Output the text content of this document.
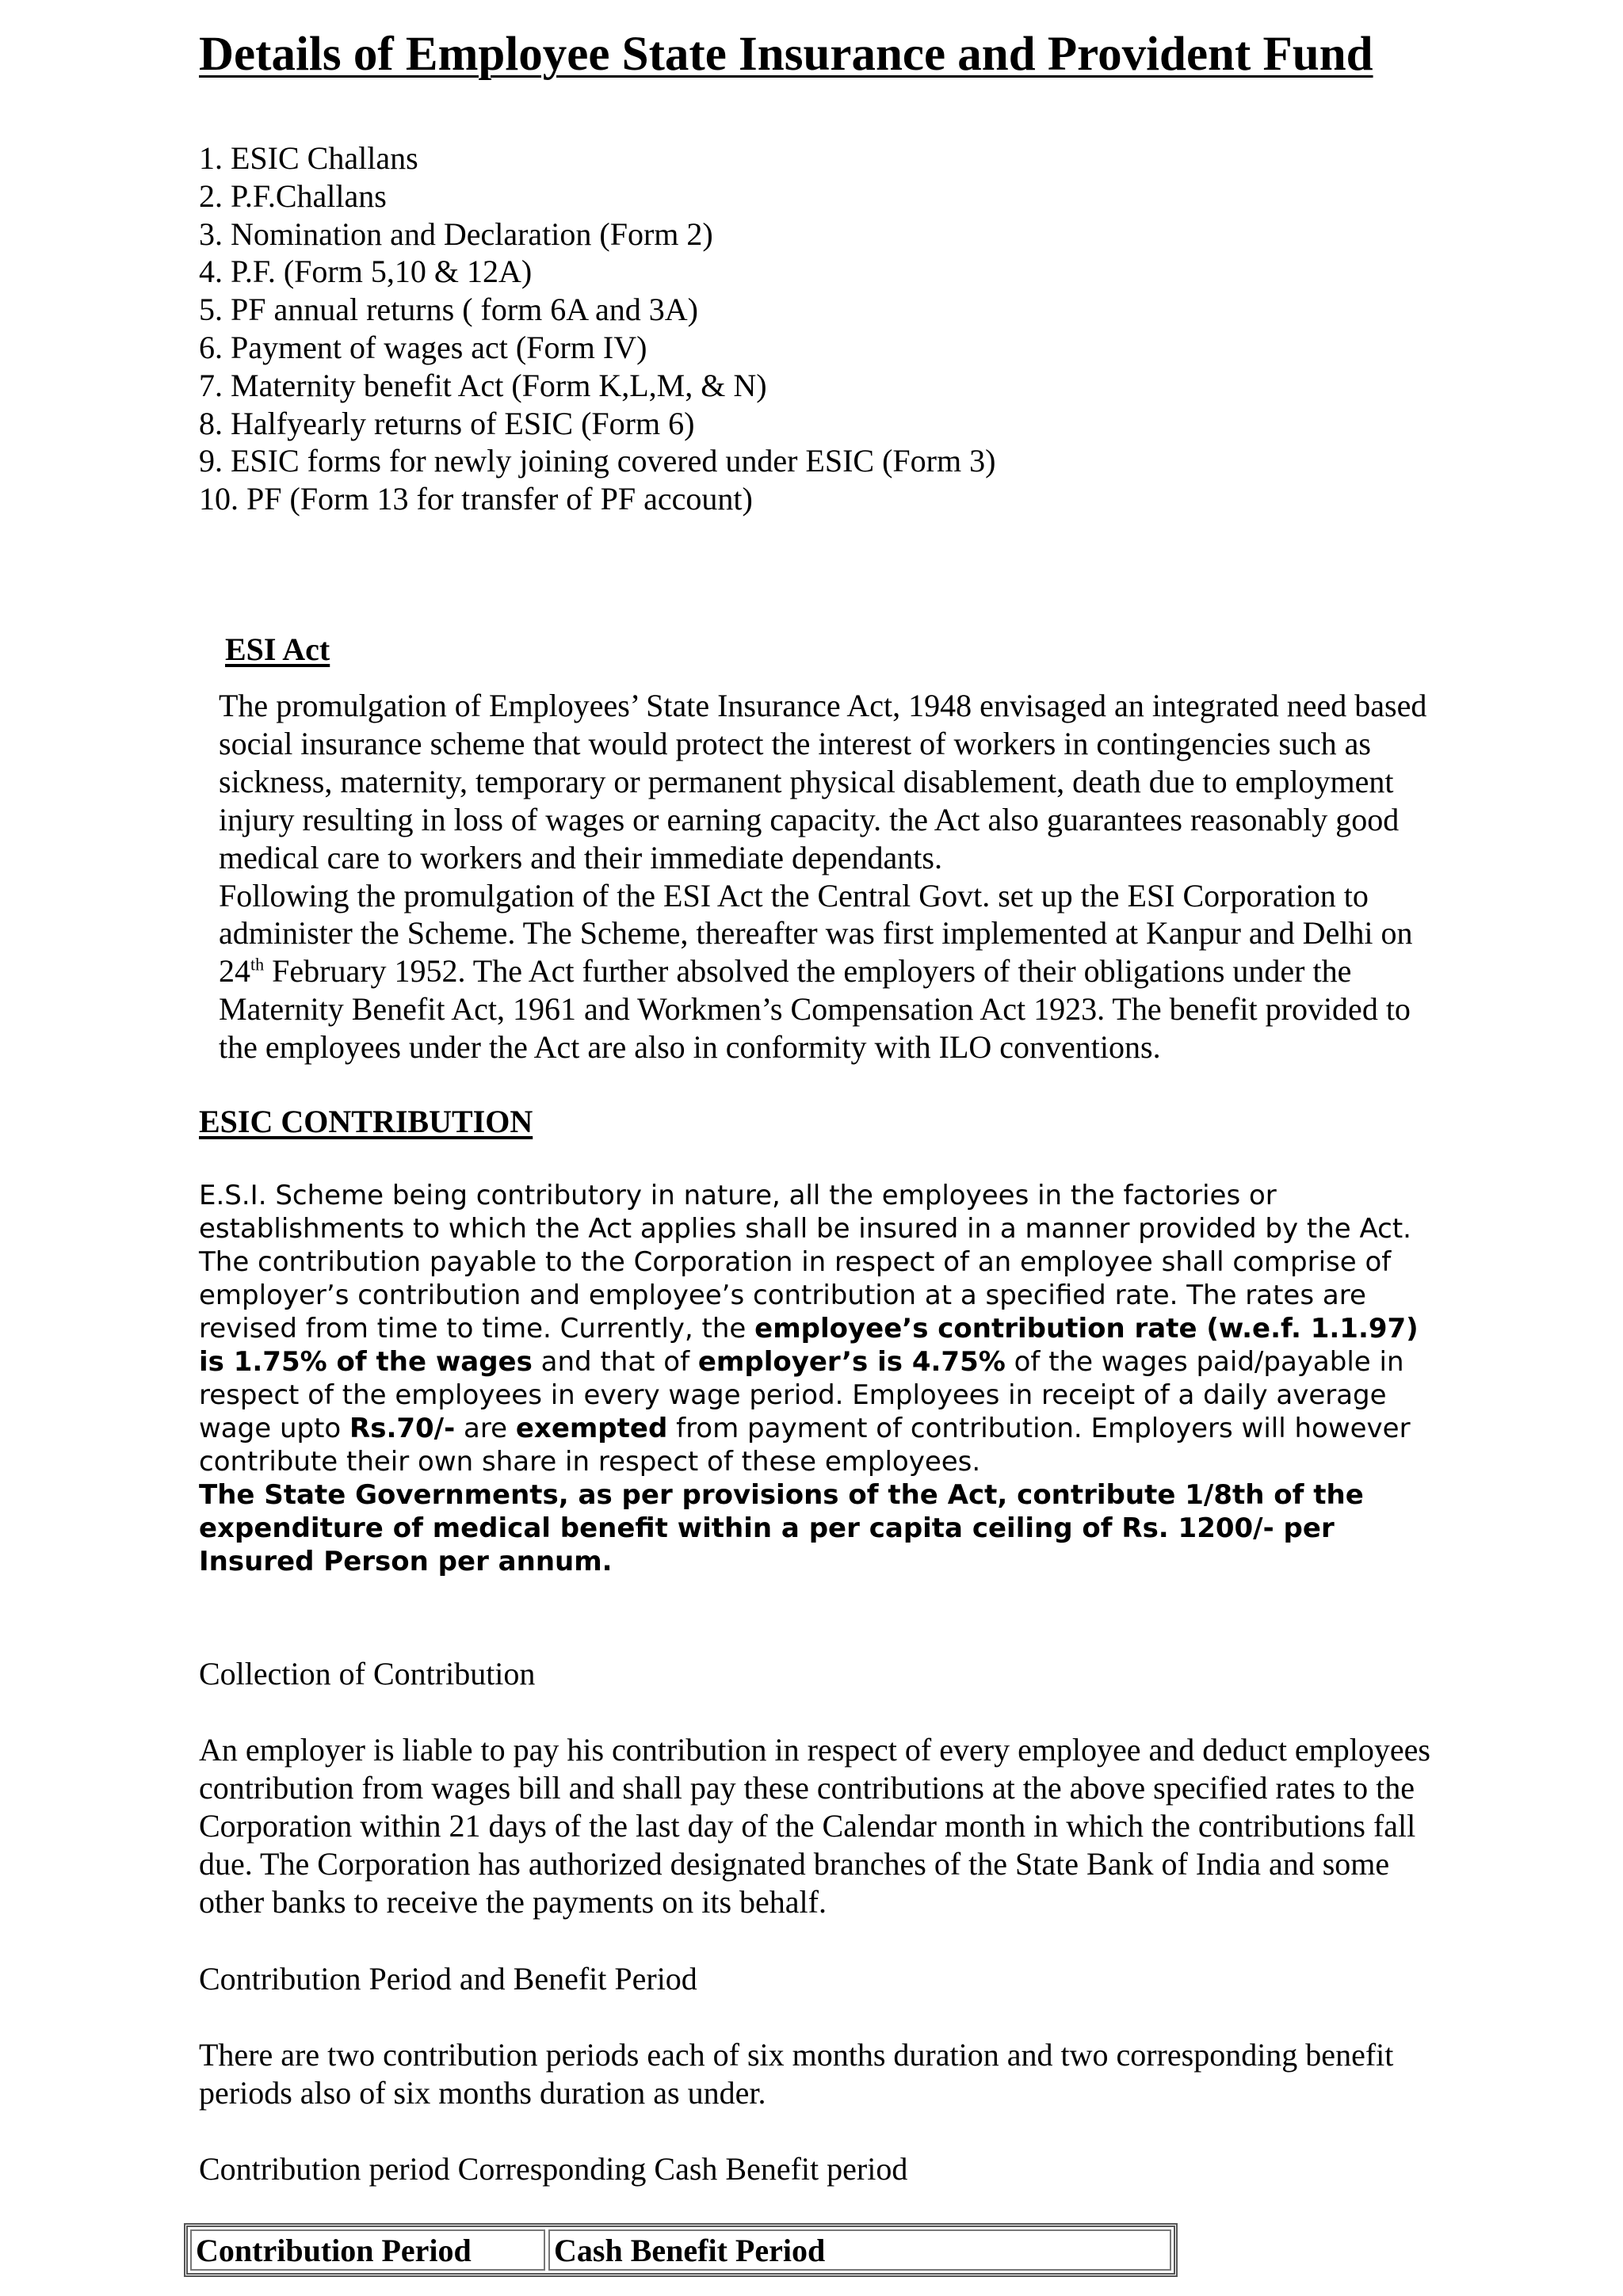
Details of Employee State Insurance and Provident Fund
1. ESIC Challans
2. P.F.Challans
3. Nomination and Declaration (Form 2)
4. P.F. (Form 5,10 & 12A)
5. PF annual returns ( form 6A and 3A)
6. Payment of wages act (Form IV)
7. Maternity benefit Act (Form K,L,M, & N)
8. Halfyearly returns of ESIC (Form 6)
9. ESIC forms for newly joining covered under ESIC (Form 3)
10. PF (Form 13 for transfer of PF account)
ESI Act

The promulgation of Employees’ State Insurance Act, 1948 envisaged an integrated need based social insurance scheme that would protect the interest of workers in contingencies such as sickness, maternity, temporary or permanent physical disablement, death due to employment injury resulting in loss of wages or earning capacity. the Act also guarantees reasonably good medical care to workers and their immediate dependants.

Following the promulgation of the ESI Act the Central Govt. set up the ESI Corporation to administer the Scheme. The Scheme, thereafter was first implemented at Kanpur and Delhi on 24th February 1952. The Act further absolved the employers of their obligations under the Maternity Benefit Act, 1961 and Workmen’s Compensation Act 1923. The benefit provided to the employees under the Act are also in conformity with ILO conventions.

ESIC CONTRIBUTION

E.S.I. Scheme being contributory in nature, all the employees in the factories or establishments to which the Act applies shall be insured in a manner provided by the Act. The contribution payable to the Corporation in respect of an employee shall comprise of employer’s contribution and employee’s contribution at a specified rate. The rates are revised from time to time. Currently, the employee’s contribution rate (w.e.f. 1.1.97) is 1.75% of the wages and that of employer’s is 4.75% of the wages paid/payable in respect of the employees in every wage period. Employees in receipt of a daily average wage upto Rs.70/- are exempted from payment of contribution. Employers will however contribute their own share in respect of these employees.

The State Governments, as per provisions of the Act, contribute 1/8th of the expenditure of medical benefit within a per capita ceiling of Rs. 1200/- per Insured Person per annum.

Collection of Contribution
An employer is liable to pay his contribution in respect of every employee and deduct employees contribution from wages bill and shall pay these contributions at the above specified rates to the Corporation within 21 days of the last day of the Calendar month in which the contributions fall due. The Corporation has authorized designated branches of the State Bank of India and some other banks to receive the payments on its behalf.
Contribution Period and Benefit Period
There are two contribution periods each of six months duration and two corresponding benefit periods also of six months duration as under.
Contribution period Corresponding Cash Benefit period
Contribution Period	Cash Benefit Period
